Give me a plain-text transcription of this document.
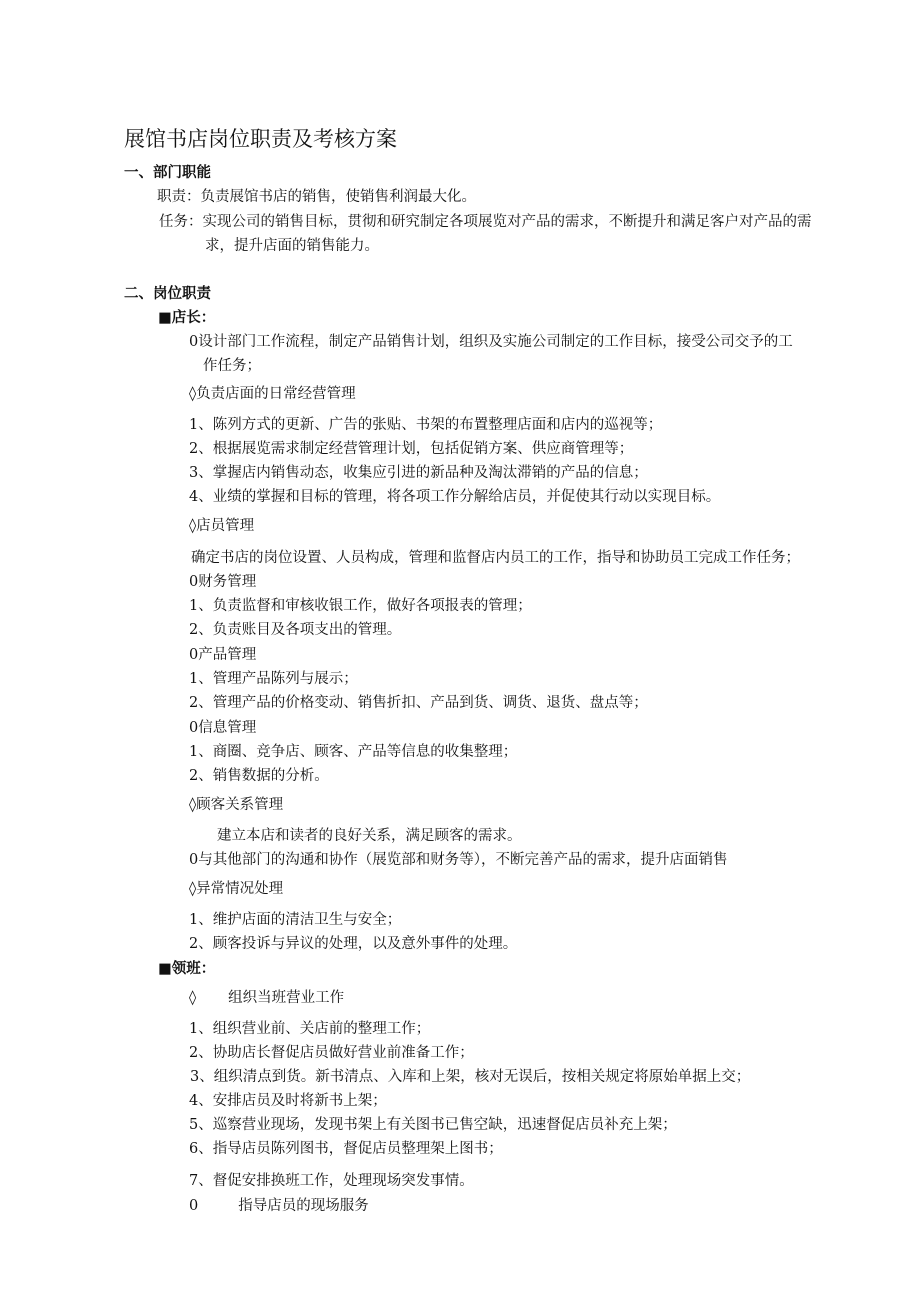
展馆书店岗位职责及考核方案
一、部门职能
职责：负责展馆书店的销售，使销售利润最大化。
任务：实现公司的销售目标，贯彻和研究制定各项展览对产品的需求，不断提升和满足客户对产品的需
求，提升店面的销售能力。
二、岗位职责
■店长：
0设计部门工作流程，制定产品销售计划，组织及实施公司制定的工作目标，接受公司交予的工
作任务；
◊负责店面的日常经营管理
1、陈列方式的更新、广告的张贴、书架的布置整理店面和店内的巡视等；
2、根据展览需求制定经营管理计划，包括促销方案、供应商管理等；
3、掌握店内销售动态，收集应引进的新品种及淘汰滞销的产品的信息；
4、业绩的掌握和目标的管理，将各项工作分解给店员，并促使其行动以实现目标。
◊店员管理
确定书店的岗位设置、人员构成，管理和监督店内员工的工作，指导和协助员工完成工作任务；
0财务管理
1、负责监督和审核收银工作，做好各项报表的管理；
2、负责账目及各项支出的管理。
0产品管理
1、管理产品陈列与展示；
2、管理产品的价格变动、销售折扣、产品到货、调货、退货、盘点等；
0信息管理
1、商圈、竞争店、顾客、产品等信息的收集整理；
2、销售数据的分析。
◊顾客关系管理
建立本店和读者的良好关系，满足顾客的需求。
0与其他部门的沟通和协作（展览部和财务等），不断完善产品的需求，提升店面销售
◊异常情况处理
1、维护店面的清洁卫生与安全；
2、顾客投诉与异议的处理，以及意外事件的处理。
■领班：
◊ 组织当班营业工作
1、组织营业前、关店前的整理工作；
2、协助店长督促店员做好营业前准备工作；
3、组织清点到货。新书清点、入库和上架，核对无误后，按相关规定将原始单据上交；
4、安排店员及时将新书上架；
5、巡察营业现场，发现书架上有关图书已售空缺，迅速督促店员补充上架；
6、指导店员陈列图书，督促店员整理架上图书；
7、督促安排换班工作，处理现场突发事情。
0	指导店员的现场服务
